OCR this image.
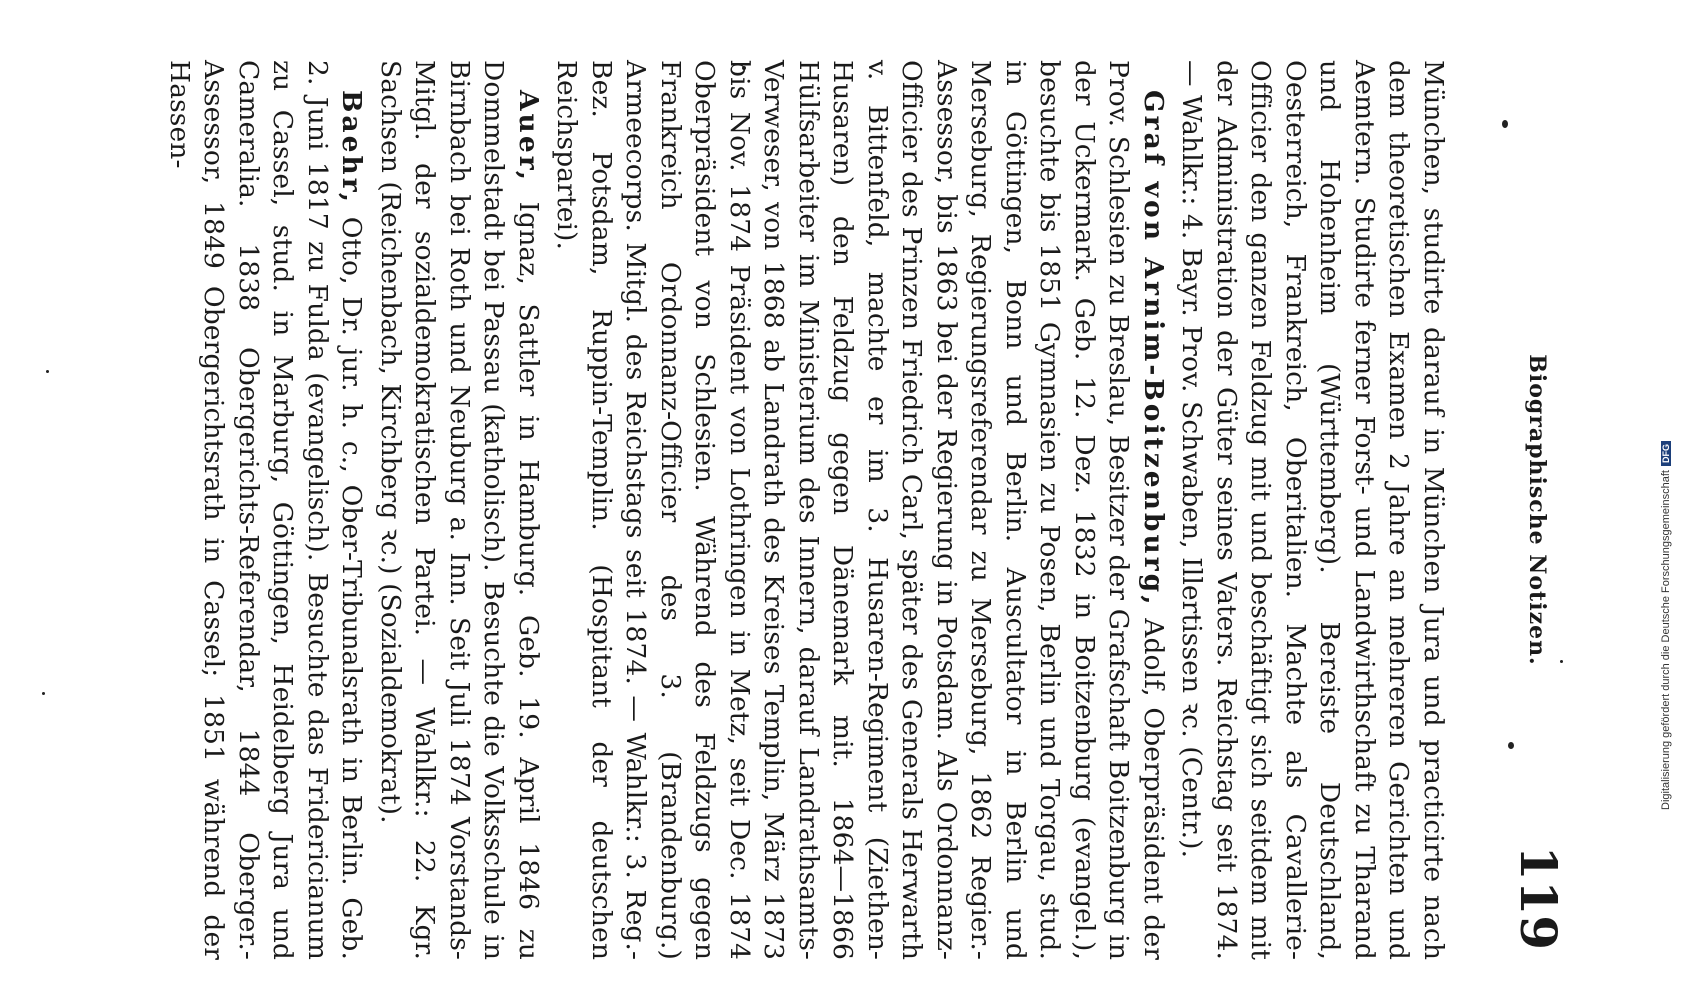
Biographische Notizen.
119

München, studirte darauf in München Jura und practicirte nach dem theoretischen Examen 2 Jahre an mehreren Gerichten und Aemtern. Studirte ferner Forst- und Landwirthschaft zu Tharand und Hohenheim (Württemberg). Bereiste Deutschland, Oesterreich, Frankreich, Oberitalien. Machte als Cavallerie-Officier den ganzen Feldzug mit und beschäftigt sich seitdem mit der Administration der Güter seines Vaters. Reichstag seit 1874. — Wahlkr.: 4. Bayr. Prov. Schwaben, Illertissen ꝛc. (Centr.).

Graf von Arnim-Boitzenburg, Adolf, Oberpräsident der Prov. Schlesien zu Breslau, Besitzer der Grafschaft Boitzenburg in der Uckermark. Geb. 12. Dez. 1832 in Boitzenburg (evangel.), besuchte bis 1851 Gymnasien zu Posen, Berlin und Torgau, stud. in Göttingen, Bonn und Berlin. Auscultator in Berlin und Merseburg, Regierungsreferendar zu Merseburg, 1862 Regier.-Assessor, bis 1863 bei der Regierung in Potsdam. Als Ordonnanz-Officier des Prinzen Friedrich Carl, später des Generals Herwarth v. Bittenfeld, machte er im 3. Husaren-Regiment (Ziethen-Husaren) den Feldzug gegen Dänemark mit. 1864—1866 Hülfsarbeiter im Ministerium des Innern, darauf Landrathsamts-Verweser, von 1868 ab Landrath des Kreises Templin, März 1873 bis Nov. 1874 Präsident von Lothringen in Metz, seit Dec. 1874 Oberpräsident von Schlesien. Während des Feldzugs gegen Frankreich Ordonnanz-Officier des 3. (Brandenburg.) Armeecorps. Mitgl. des Reichstags seit 1874. — Wahlkr.: 3. Reg.-Bez. Potsdam, Ruppin-Templin. (Hospitant der deutschen Reichspartei).

Auer, Ignaz, Sattler in Hamburg. Geb. 19. April 1846 zu Dommelstadt bei Passau (katholisch). Besuchte die Volksschule in Birnbach bei Roth und Neuburg a. Inn. Seit Juli 1874 Vorstands-Mitgl. der sozialdemokratischen Partei. — Wahlkr.: 22. Kgr. Sachsen (Reichenbach, Kirchberg ꝛc.) (Sozialdemokrat).

Baehr, Otto, Dr. jur. h. c., Ober-Tribunalsrath in Berlin. Geb. 2. Juni 1817 zu Fulda (evangelisch). Besuchte das Fridericianum zu Cassel, stud. in Marburg, Göttingen, Heidelberg Jura und Cameralia. 1838 Obergerichts-Referendar, 1844 Oberger.-Assessor, 1849 Obergerichtsrath in Cassel; 1851 während der Hassen-

Digitalisierung gefördert durch die Deutsche ForschungsgemeinschaftDFG
